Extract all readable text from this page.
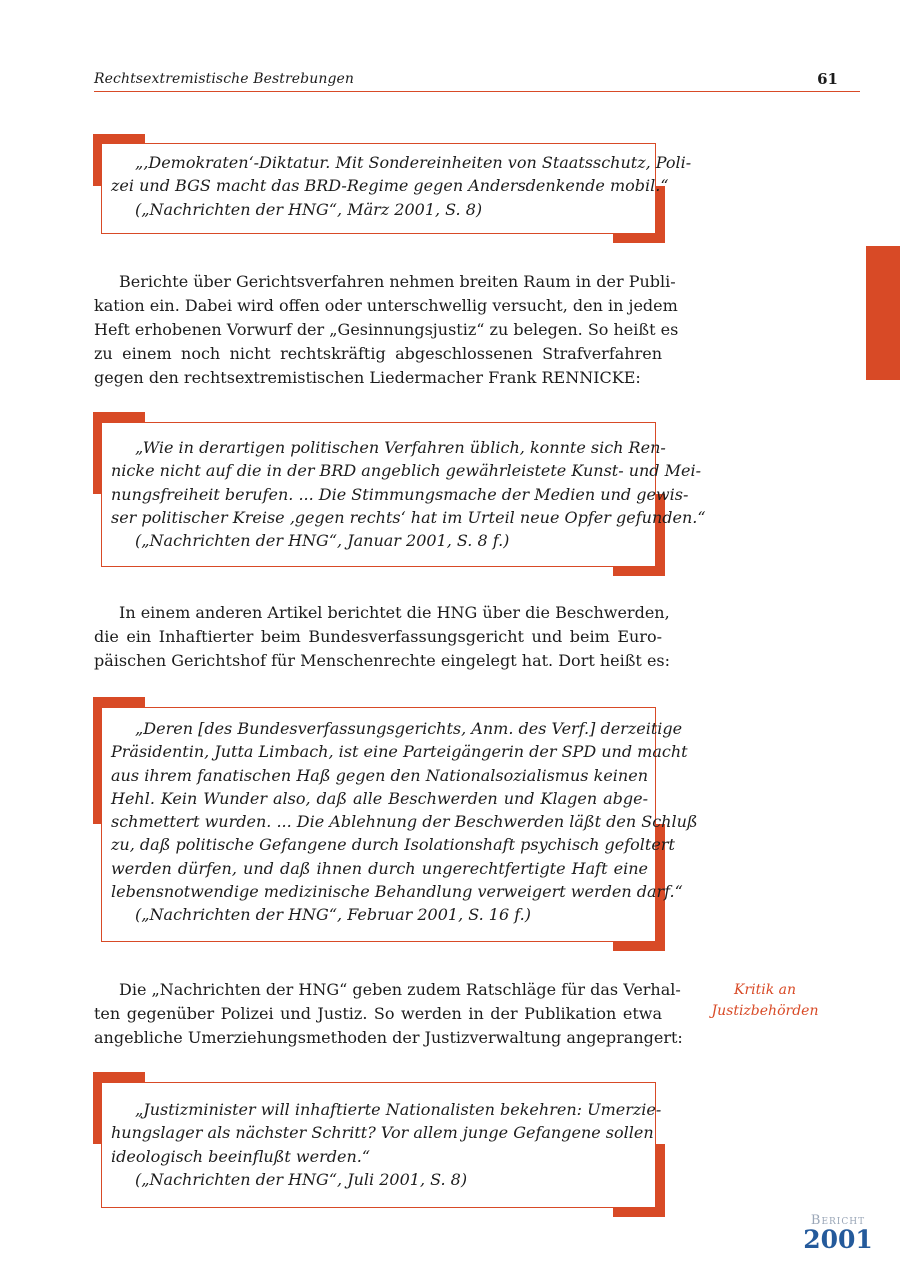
Rechtsextremistische Bestrebungen	61
„‚Demokraten‘-Diktatur. Mit Sondereinheiten von Staatsschutz, Poli-
zei und BGS macht das BRD-Regime gegen Andersdenkende mobil.“
(„Nachrichten der HNG“, März 2001, S. 8)
Berichte über Gerichtsverfahren nehmen breiten Raum in der Publi-
kation ein. Dabei wird offen oder unterschwellig versucht, den in jedem
Heft erhobenen Vorwurf der „Gesinnungsjustiz“ zu belegen. So heißt es
zu einem noch nicht rechtskräftig abgeschlossenen Strafverfahren
gegen den rechtsextremistischen Liedermacher Frank RENNICKE:
„Wie in derartigen politischen Verfahren üblich, konnte sich Ren-
nicke nicht auf die in der BRD angeblich gewährleistete Kunst- und Mei-
nungsfreiheit berufen. ... Die Stimmungsmache der Medien und gewis-
ser politischer Kreise ‚gegen rechts‘ hat im Urteil neue Opfer gefunden.“
(„Nachrichten der HNG“, Januar 2001, S. 8 f.)
In einem anderen Artikel berichtet die HNG über die Beschwerden,
die ein Inhaftierter beim Bundesverfassungsgericht und beim Euro-
päischen Gerichtshof für Menschenrechte eingelegt hat. Dort heißt es:
„Deren [des Bundesverfassungsgerichts, Anm. des Verf.] derzeitige
Präsidentin, Jutta Limbach, ist eine Parteigängerin der SPD und macht
aus ihrem fanatischen Haß gegen den Nationalsozialismus keinen
Hehl. Kein Wunder also, daß alle Beschwerden und Klagen abge-
schmettert wurden. ... Die Ablehnung der Beschwerden läßt den Schluß
zu, daß politische Gefangene durch Isolationshaft psychisch gefoltert
werden dürfen, und daß ihnen durch ungerechtfertigte Haft eine
lebensnotwendige medizinische Behandlung verweigert werden darf.“
(„Nachrichten der HNG“, Februar 2001, S. 16 f.)
Die „Nachrichten der HNG“ geben zudem Ratschläge für das Verhal-
ten gegenüber Polizei und Justiz. So werden in der Publikation etwa
angebliche Umerziehungsmethoden der Justizverwaltung angeprangert:
Kritik an
Justizbehörden
„Justizminister will inhaftierte Nationalisten bekehren: Umerzie-
hungslager als nächster Schritt? Vor allem junge Gefangene sollen
ideologisch beeinflußt werden.“
(„Nachrichten der HNG“, Juli 2001, S. 8)
Bericht
2001
